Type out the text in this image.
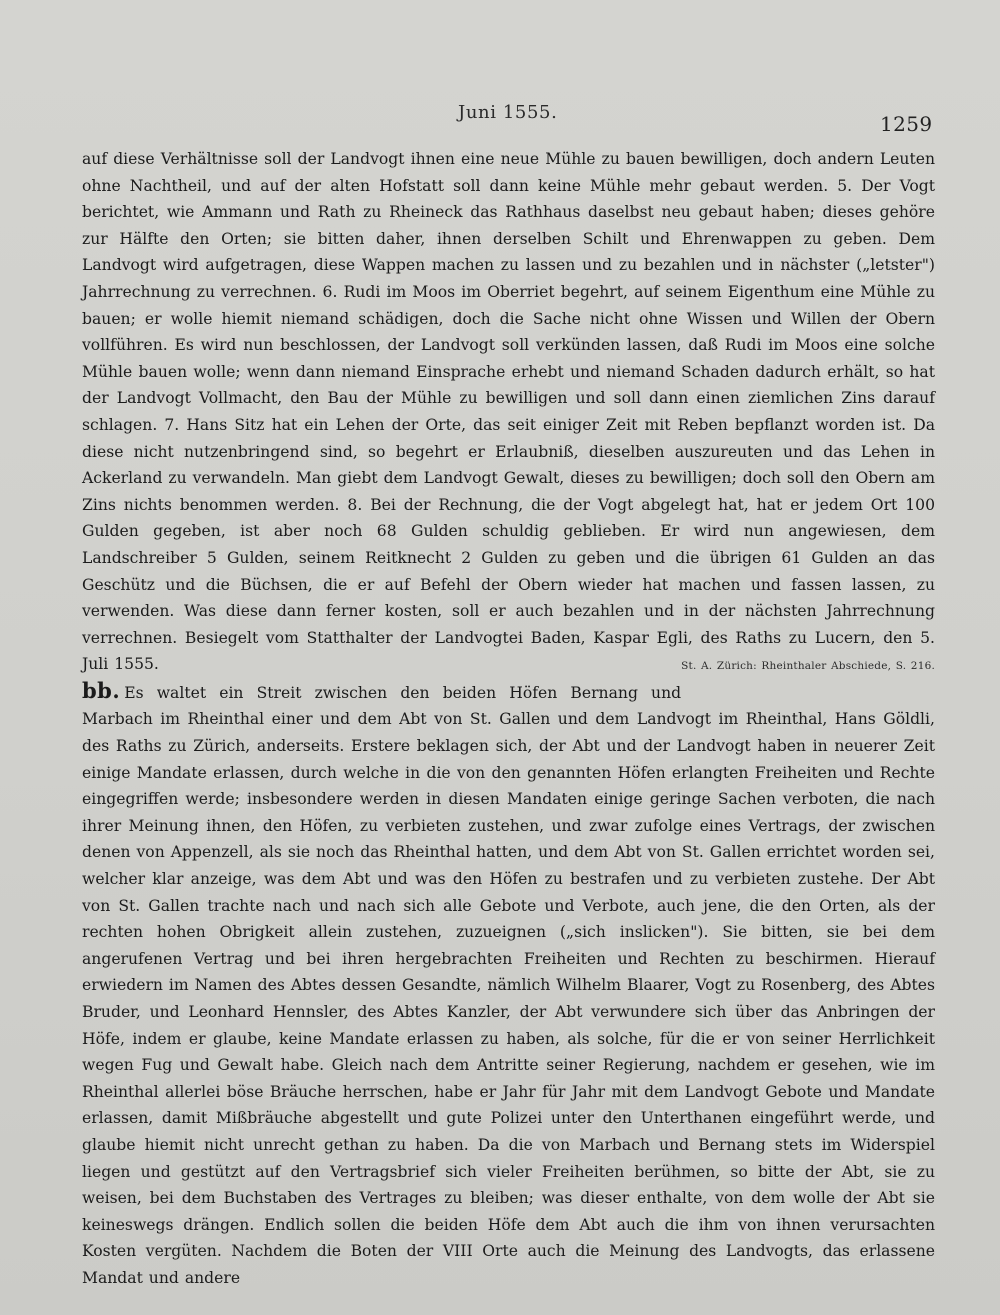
Juni 1555.	1259

auf diese Verhältnisse soll der Landvogt ihnen eine neue Mühle zu bauen bewilligen, doch andern Leuten ohne Nachtheil, und auf der alten Hofstatt soll dann keine Mühle mehr gebaut werden. 5. Der Vogt berichtet, wie Ammann und Rath zu Rheineck das Rathhaus daselbst neu gebaut haben; dieses gehöre zur Hälfte den Orten; sie bitten daher, ihnen derselben Schilt und Ehrenwappen zu geben. Dem Landvogt wird aufgetragen, diese Wappen machen zu lassen und zu bezahlen und in nächster („letster") Jahrrechnung zu verrechnen. 6. Rudi im Moos im Oberriet begehrt, auf seinem Eigenthum eine Mühle zu bauen; er wolle hiemit niemand schädigen, doch die Sache nicht ohne Wissen und Willen der Obern vollführen. Es wird nun beschlossen, der Landvogt soll verkünden lassen, daß Rudi im Moos eine solche Mühle bauen wolle; wenn dann niemand Einsprache erhebt und niemand Schaden dadurch erhält, so hat der Landvogt Vollmacht, den Bau der Mühle zu bewilligen und soll dann einen ziemlichen Zins darauf schlagen. 7. Hans Sitz hat ein Lehen der Orte, das seit einiger Zeit mit Reben bepflanzt worden ist. Da diese nicht nutzenbringend sind, so begehrt er Erlaubniß, dieselben auszureuten und das Lehen in Ackerland zu verwandeln. Man giebt dem Landvogt Gewalt, dieses zu bewilligen; doch soll den Obern am Zins nichts benommen werden. 8. Bei der Rechnung, die der Vogt abgelegt hat, hat er jedem Ort 100 Gulden gegeben, ist aber noch 68 Gulden schuldig geblieben. Er wird nun angewiesen, dem Landschreiber 5 Gulden, seinem Reitknecht 2 Gulden zu geben und die übrigen 61 Gulden an das Geschütz und die Büchsen, die er auf Befehl der Obern wieder hat machen und fassen lassen, zu verwenden. Was diese dann ferner kosten, soll er auch bezahlen und in der nächsten Jahrrechnung verrechnen. Besiegelt vom Statthalter der Landvogtei Baden, Kaspar Egli, des Raths zu Lucern, den 5. Juli 1555.	St. A. Zürich: Rheinthaler Abschiede, S. 216.

bb. Es waltet ein Streit zwischen den beiden Höfen Bernang und Marbach im Rheinthal einer und dem Abt von St. Gallen und dem Landvogt im Rheinthal, Hans Göldli, des Raths zu Zürich, anderseits. Erstere beklagen sich, der Abt und der Landvogt haben in neuerer Zeit einige Mandate erlassen, durch welche in die von den genannten Höfen erlangten Freiheiten und Rechte eingegriffen werde; insbesondere werden in diesen Mandaten einige geringe Sachen verboten, die nach ihrer Meinung ihnen, den Höfen, zu verbieten zustehen, und zwar zufolge eines Vertrags, der zwischen denen von Appenzell, als sie noch das Rheinthal hatten, und dem Abt von St. Gallen errichtet worden sei, welcher klar anzeige, was dem Abt und was den Höfen zu bestrafen und zu verbieten zustehe. Der Abt von St. Gallen trachte nach und nach sich alle Gebote und Verbote, auch jene, die den Orten, als der rechten hohen Obrigkeit allein zustehen, zuzueignen („sich inslicken"). Sie bitten, sie bei dem angerufenen Vertrag und bei ihren hergebrachten Freiheiten und Rechten zu beschirmen. Hierauf erwiedern im Namen des Abtes dessen Gesandte, nämlich Wilhelm Blaarer, Vogt zu Rosenberg, des Abtes Bruder, und Leonhard Hennsler, des Abtes Kanzler, der Abt verwundere sich über das Anbringen der Höfe, indem er glaube, keine Mandate erlassen zu haben, als solche, für die er von seiner Herrlichkeit wegen Fug und Gewalt habe. Gleich nach dem Antritte seiner Regierung, nachdem er gesehen, wie im Rheinthal allerlei böse Bräuche herrschen, habe er Jahr für Jahr mit dem Landvogt Gebote und Mandate erlassen, damit Mißbräuche abgestellt und gute Polizei unter den Unterthanen eingeführt werde, und glaube hiemit nicht unrecht gethan zu haben. Da die von Marbach und Bernang stets im Widerspiel liegen und gestützt auf den Vertragsbrief sich vieler Freiheiten berühmen, so bitte der Abt, sie zu weisen, bei dem Buchstaben des Vertrages zu bleiben; was dieser enthalte, von dem wolle der Abt sie keineswegs drängen. Endlich sollen die beiden Höfe dem Abt auch die ihm von ihnen verursachten Kosten vergüten. Nachdem die Boten der VIII Orte auch die Meinung des Landvogts, das erlassene Mandat und andere
